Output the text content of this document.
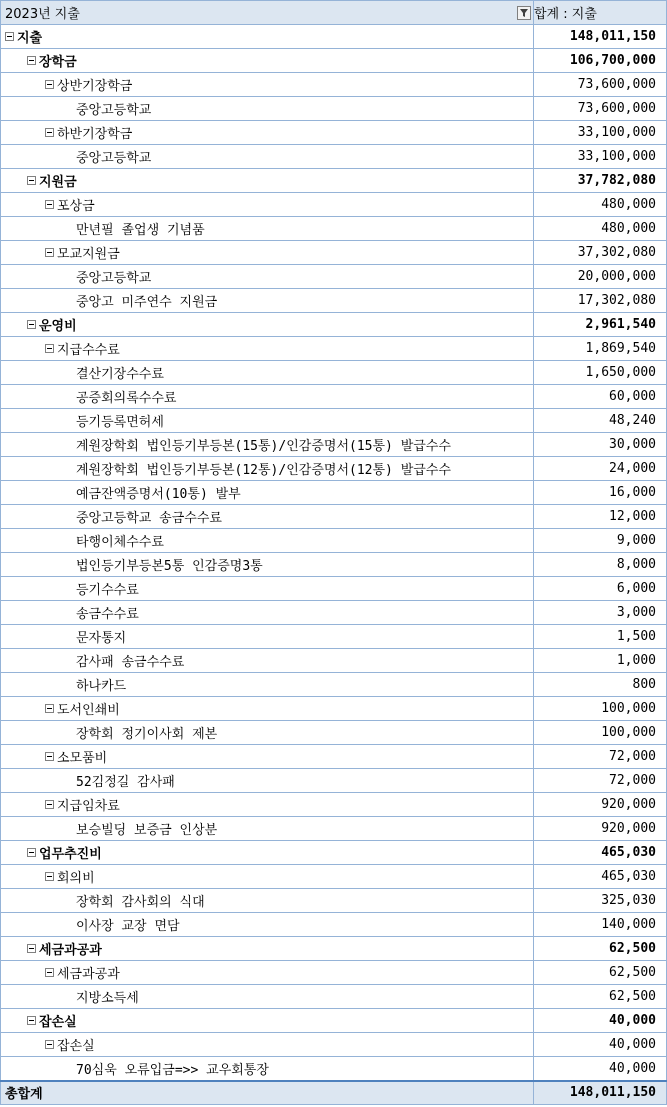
2023년 지출	합계 : 지출

지출	148,011,150

장학금	106,700,000

상반기장학금	73,600,000

중앙고등학교	73,600,000

하반기장학금	33,100,000

중앙고등학교	33,100,000

지원금	37,782,080

포상금	480,000

만년필 졸업생 기념품	480,000

모교지원금	37,302,080

중앙고등학교	20,000,000

중앙고 미주연수 지원금	17,302,080

운영비	2,961,540

지급수수료	1,869,540

결산기장수수료	1,650,000

공증회의록수수료	60,000

등기등록면허세	48,240

계원장학회 법인등기부등본(15통)/인감증명서(15통) 발급수수	30,000

계원장학회 법인등기부등본(12통)/인감증명서(12통) 발급수수	24,000

예금잔액증명서(10통) 발부	16,000

중앙고등학교 송금수수료	12,000

타행이체수수료	9,000

법인등기부등본5통 인감증명3통	8,000

등기수수료	6,000

송금수수료	3,000

문자통지	1,500

감사패 송금수수료	1,000

하나카드	800

도서인쇄비	100,000

장학회 정기이사회 제본	100,000

소모품비	72,000

52김정길 감사패	72,000

지급임차료	920,000

보승빌딩 보증금 인상분	920,000

업무추진비	465,030

회의비	465,030

장학회 감사회의 식대	325,030

이사장 교장 면담	140,000

세금과공과	62,500

세금과공과	62,500

지방소득세	62,500

잡손실	40,000

잡손실	40,000

70심욱 오류입금=>> 교우회통장	40,000
총합계	148,011,150
